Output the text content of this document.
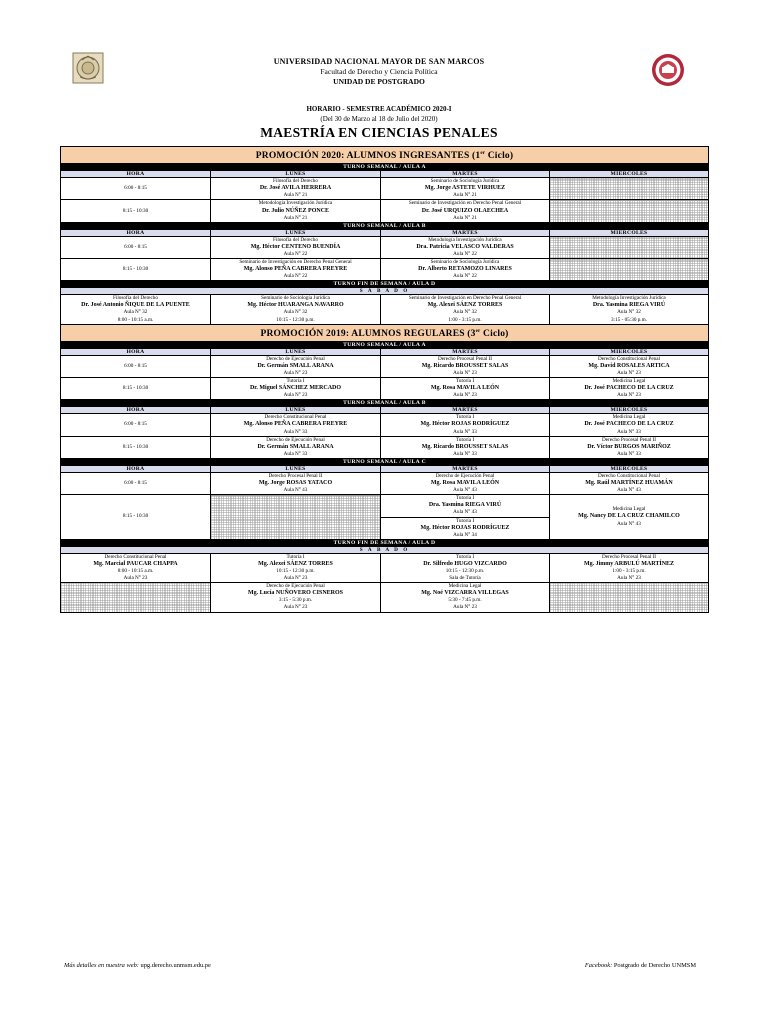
UNIVERSIDAD NACIONAL MAYOR DE SAN MARCOS
Facultad de Derecho y Ciencia Política
UNIDAD DE POSTGRADO
HORARIO - SEMESTRE ACADÉMICO 2020-I
(Del 30 de Marzo al 18 de Julio del 2020)
MAESTRÍA EN CIENCIAS PENALES
PROMOCIÓN 2020: ALUMNOS INGRESANTES (1er Ciclo)			
TURNO SEMANAL / AULA A			
HORA	LUNES	MARTES	MIERCOLES
6:00 - 8:15	Filosofía del Derecho
Dr. José AVILA HERRERA
Aula N° 21	Seminario de Sociología Jurídica
Mg. Jorge ASTETE VIRHUEZ
Aula N° 21	

8:15 - 10:30	Metodología Investigación Jurídica
Dr. Julio NÚÑEZ PONCE
Aula N° 21	Seminario de Investigación en Derecho Penal General
Dr. José URQUIZO OLAECHEA
Aula N° 21	

TURNO SEMANAL / AULA B			
HORA	LUNES	MARTES	MIERCOLES
6:00 - 8:15	Filosofía del Derecho
Mg. Héctor CENTENO BUENDÍA
Aula N° 22	Metodología Investigación Jurídica
Dra. Patricia VELASCO VALDERAS
Aula N° 22	

8:15 - 10:30	Seminario de Investigación en Derecho Penal General
Mg. Alonso PEÑA CABRERA FREYRE
Aula N° 22	Seminario de Sociología Jurídica
Dr. Alberto RETAMOZO LINARES
Aula N° 22	

TURNO FIN DE SEMANA / AULA D			
S Á B A D O			

Filosofía del Derecho
Dr. José Antonio ÑIQUE DE LA PUENTE
Aula N° 32
8:00 - 10:15 a.m.	Seminario de Sociología Jurídica
Mg. Héctor HUARANGA NAVARRO
Aula N° 32
10:15 - 12:30 p.m.	Seminario de Investigación en Derecho Penal General
Mg. Alexei SÁENZ TORRES
Aula N° 32
1:00 - 3:15 p.m.	Metodología Investigación Jurídica
Dra. Yasmina RIEGA VIRÚ
Aula N° 32
3:15 - 05:30 p.m.

PROMOCIÓN 2019: ALUMNOS REGULARES (3er Ciclo)			
TURNO SEMANAL / AULA A			
HORA	LUNES	MARTES	MIERCOLES
6:00 - 8:15	Derecho de Ejecución Penal
Dr. Germán SMALL ARANA
Aula N° 23	Derecho Procesal Penal II
Mg. Ricardo BROUSSET SALAS
Aula N° 23	Derecho Constitucional Penal
Mg. David ROSALES ARTICA
Aula N° 23

8:15 - 10:30	Tutoría I
Dr. Miguel SÁNCHEZ MERCADO
Aula N° 23	Tutoría I
Mg. Rosa MAVILA LEÓN
Aula N° 23	Medicina Legal
Dr. José PACHECO DE LA CRUZ
Aula N° 23

TURNO SEMANAL / AULA B			
HORA	LUNES	MARTES	MIERCOLES
6:00 - 8:15	Derecho Constitucional Penal
Mg. Alonso PEÑA CABRERA FREYRE
Aula N° 33	Tutoría I
Mg. Héctor ROJAS RODRÍGUEZ
Aula N° 33	Medicina Legal
Dr. José PACHECO DE LA CRUZ
Aula N° 33

8:15 - 10:30	Derecho de Ejecución Penal
Dr. Germán SMALL ARANA
Aula N° 33	Tutoría I
Mg. Ricardo BROUSSET SALAS
Aula N° 33	Derecho Procesal Penal II
Dr. Víctor BURGOS MARIÑOZ
Aula N° 33

TURNO SEMANAL / AULA C			
HORA	LUNES	MARTES	MIERCOLES
6:00 - 8:15	Derecho Procesal Penal II
Mg. Jorge ROSAS YATACO
Aula N° 43	Derecho de Ejecución Penal
Mg. Rosa MAVILA LEÓN
Aula N° 43	Derecho Constitucional Penal
Mg. Raúl MARTÍNEZ HUAMÁN
Aula N° 43

8:15 - 10:30		Tutoría I
Dra. Yasmina RIEGA VIRÚ
Aula N° 43	Medicina Legal
Mg. Nancy DE LA CRUZ CHAMILCO
Aula N° 43

		Tutoría I
Mg. Héctor ROJAS RODRÍGUEZ
Aula N° 34	

TURNO FIN DE SEMANA / AULA D			
S Á B A D O			

Derecho Constitucional Penal
Mg. Marcial PAUCAR CHAPPA
8:00 - 10:15 a.m.
Aula N° 23	Tutoría I
Mg. Alexei SÁENZ TORRES
10:15 - 12:30 p.m.
Aula N° 23	Tutoría I
Dr. Silfredo HUGO VIZCARDO
10:15 - 12:30 p.m.
Sala de Tutoría	Derecho Procesal Penal II
Mg. Jimmy ARBULÚ MARTÍNEZ
1:00 - 3:15 p.m.
Aula N° 23

	Derecho de Ejecución Penal
Mg. Lucía NUÑOVERO CISNEROS
3:15 - 5:30 p.m.
Aula N° 23	Medicina Legal
Mg. Noé VIZCARRA VILLEGAS
5:30 - 7:45 p.m.
Aula N° 23	

Más detalles en nuestra web: upg.derecho.unmsm.edu.pe	Facebook: Postgrado de Derecho UNMSM
